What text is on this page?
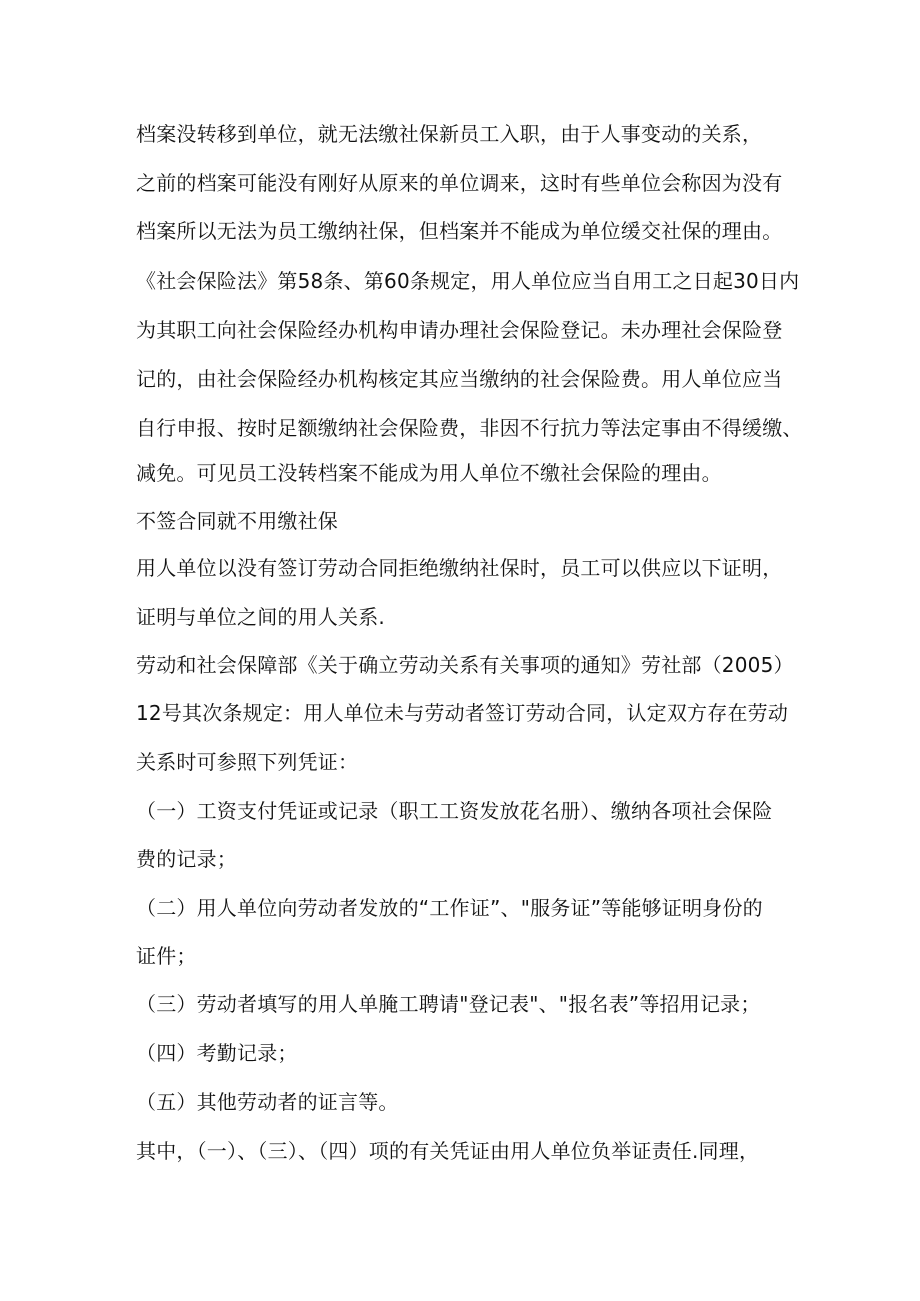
档案没转移到单位，就无法缴社保新员工入职，由于人事变动的关系，

之前的档案可能没有刚好从原来的单位调来，这时有些单位会称因为没有

档案所以无法为员工缴纳社保，但档案并不能成为单位缓交社保的理由。

《社会保险法》第58条、第60条规定，用人单位应当自用工之日起30日内

为其职工向社会保险经办机构申请办理社会保险登记。未办理社会保险登

记的，由社会保险经办机构核定其应当缴纳的社会保险费。用人单位应当

自行申报、按时足额缴纳社会保险费，非因不行抗力等法定事由不得缓缴、

减免。可见员工没转档案不能成为用人单位不缴社会保险的理由。

不签合同就不用缴社保

用人单位以没有签订劳动合同拒绝缴纳社保时，员工可以供应以下证明，

证明与单位之间的用人关系.

劳动和社会保障部《关于确立劳动关系有关事项的通知》劳社部（2005）

12号其次条规定：用人单位未与劳动者签订劳动合同，认定双方存在劳动

关系时可参照下列凭证：

（一）工资支付凭证或记录（职工工资发放花名册）、缴纳各项社会保险

费的记录；

（二）用人单位向劳动者发放的“工作证”、"服务证”等能够证明身份的

证件；

（三）劳动者填写的用人单腌工聘请"登记表"、"报名表”等招用记录；

（四）考勤记录；

（五）其他劳动者的证言等。

其中，（一）、（三）、（四）项的有关凭证由用人单位负举证责任.同理，
